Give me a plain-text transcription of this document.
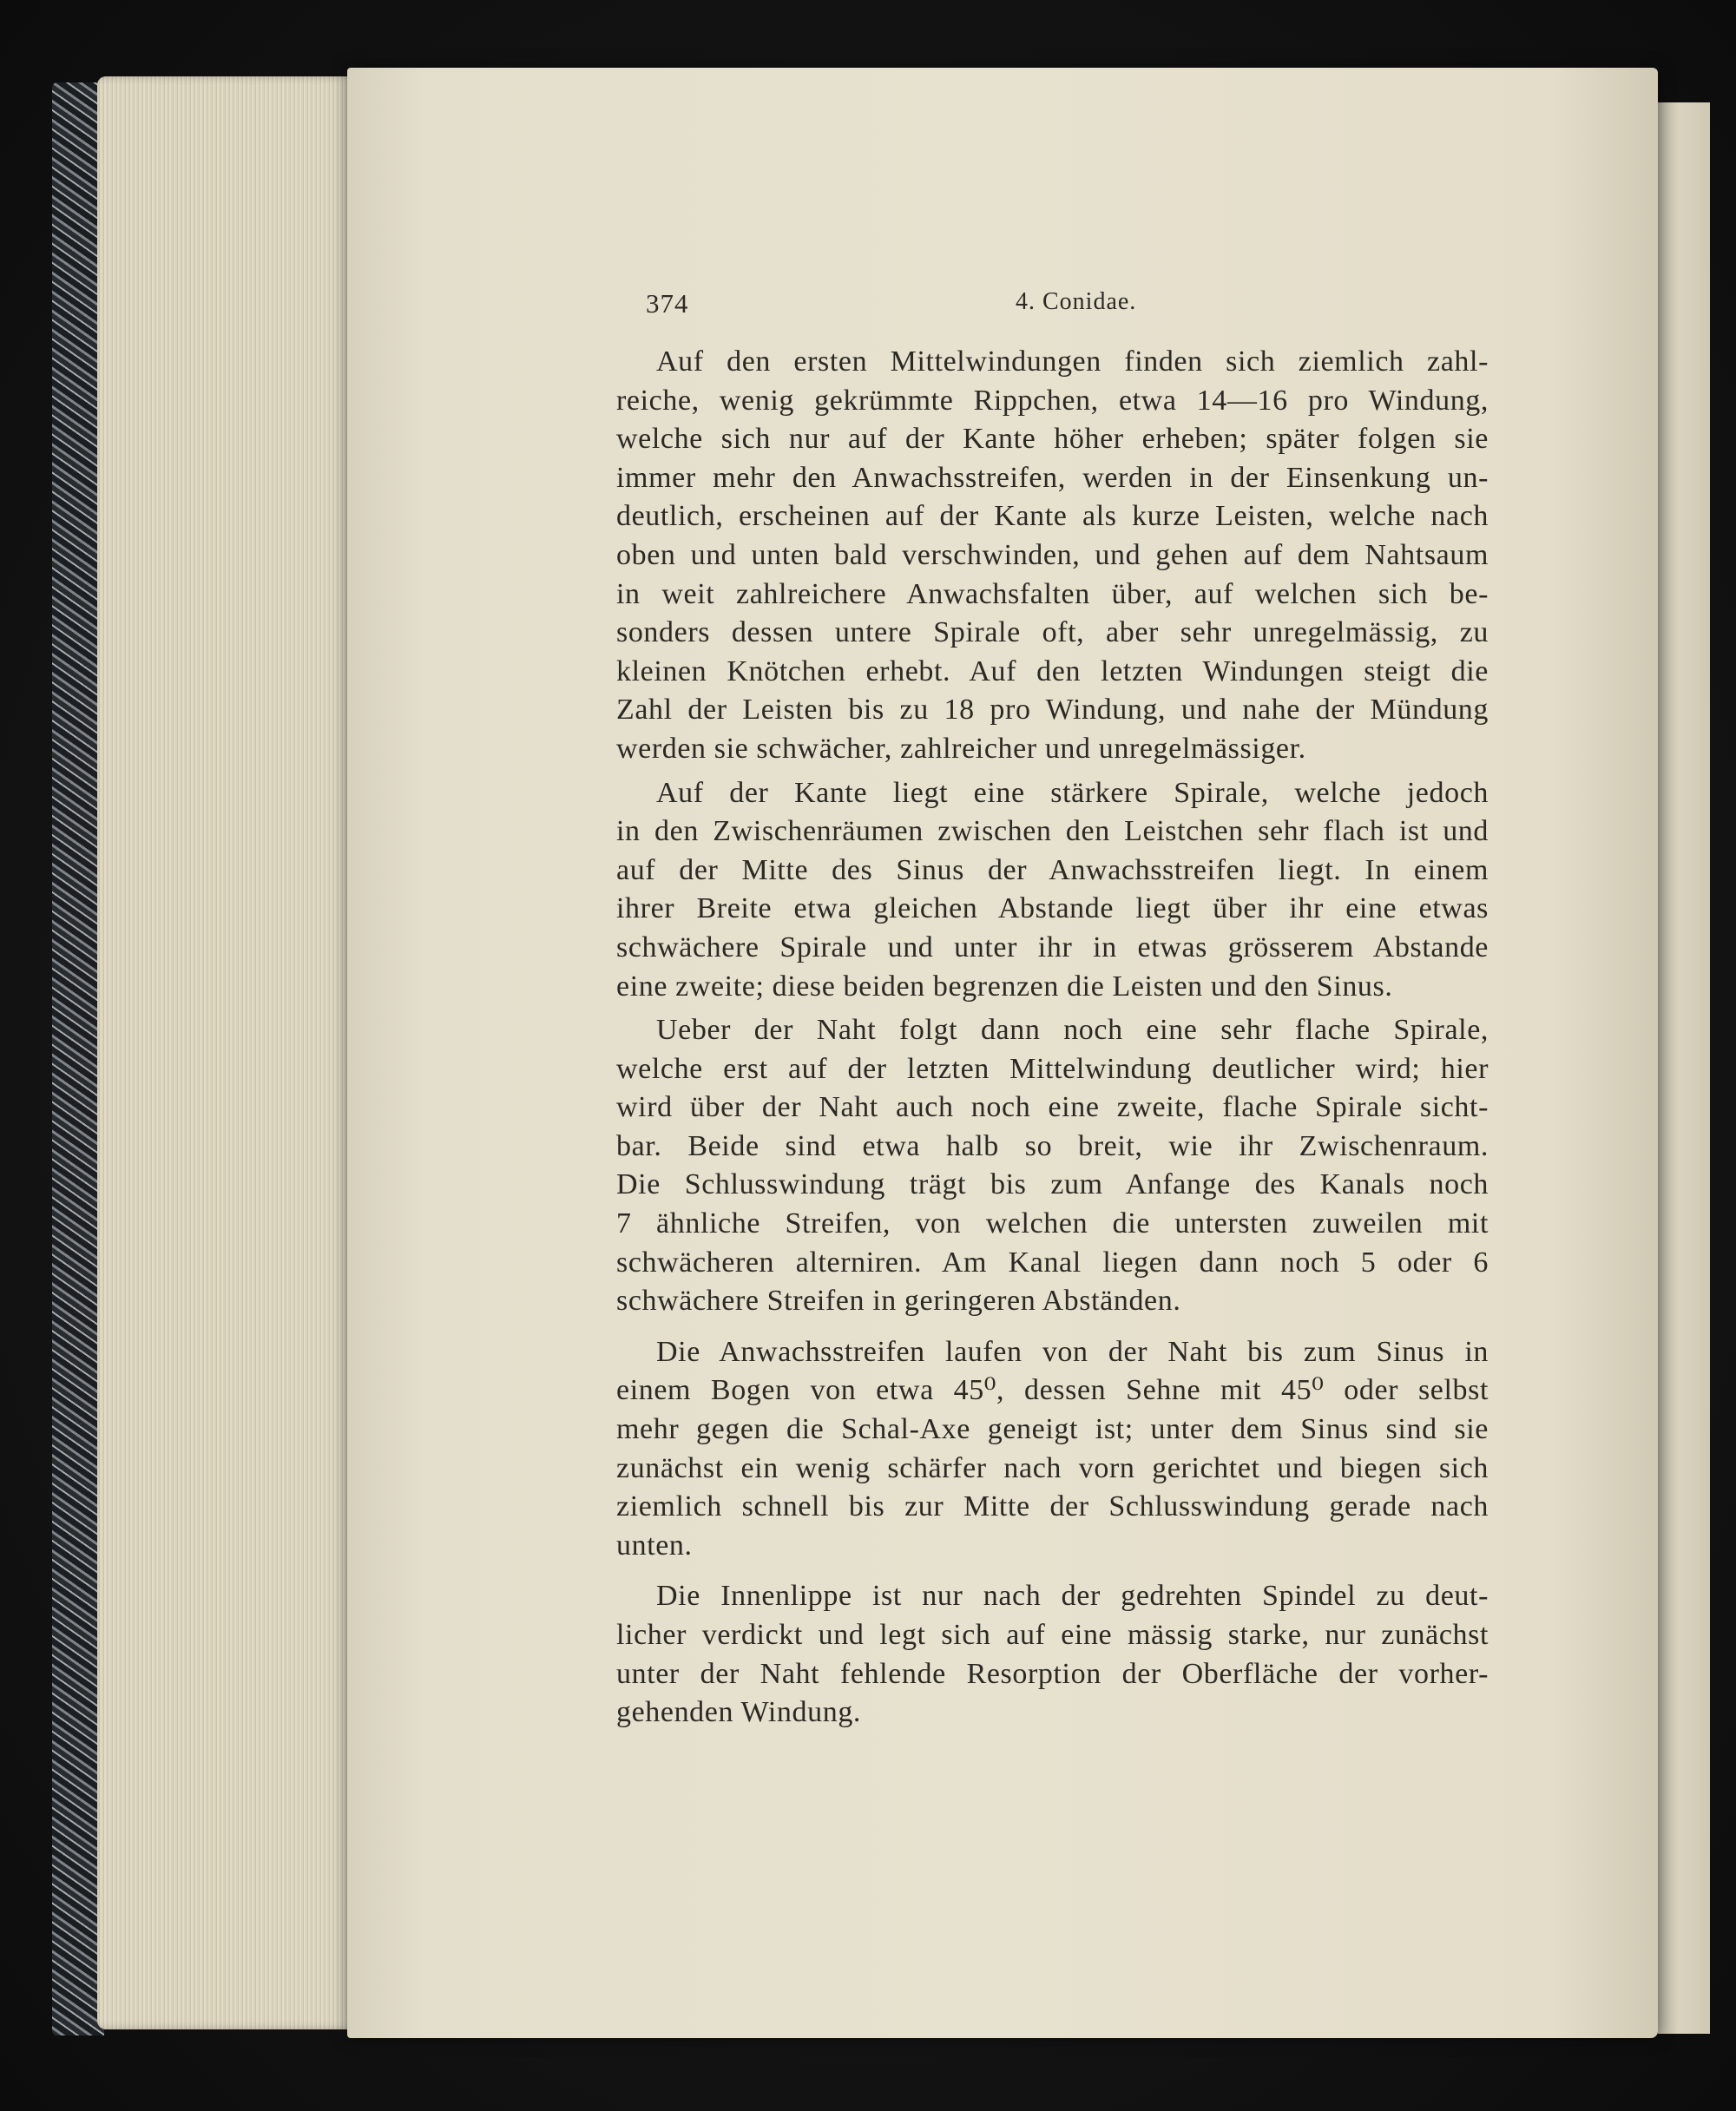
374	4. Conidae.
Auf den ersten Mittelwindungen finden sich ziemlich zahl-
reiche, wenig gekrümmte Rippchen, etwa 14—16 pro Windung,
welche sich nur auf der Kante höher erheben; später folgen sie
immer mehr den Anwachsstreifen, werden in der Einsenkung un-
deutlich, erscheinen auf der Kante als kurze Leisten, welche nach
oben und unten bald verschwinden, und gehen auf dem Nahtsaum
in weit zahlreichere Anwachsfalten über, auf welchen sich be-
sonders dessen untere Spirale oft, aber sehr unregelmässig, zu
kleinen Knötchen erhebt. Auf den letzten Windungen steigt die
Zahl der Leisten bis zu 18 pro Windung, und nahe der Mündung
werden sie schwächer, zahlreicher und unregelmässiger.
Auf der Kante liegt eine stärkere Spirale, welche jedoch
in den Zwischenräumen zwischen den Leistchen sehr flach ist und
auf der Mitte des Sinus der Anwachsstreifen liegt. In einem
ihrer Breite etwa gleichen Abstande liegt über ihr eine etwas
schwächere Spirale und unter ihr in etwas grösserem Abstande
eine zweite; diese beiden begrenzen die Leisten und den Sinus.
Ueber der Naht folgt dann noch eine sehr flache Spirale,
welche erst auf der letzten Mittelwindung deutlicher wird; hier
wird über der Naht auch noch eine zweite, flache Spirale sicht-
bar. Beide sind etwa halb so breit, wie ihr Zwischenraum.
Die Schlusswindung trägt bis zum Anfange des Kanals noch
7 ähnliche Streifen, von welchen die untersten zuweilen mit
schwächeren alterniren. Am Kanal liegen dann noch 5 oder 6
schwächere Streifen in geringeren Abständen.
Die Anwachsstreifen laufen von der Naht bis zum Sinus in
einem Bogen von etwa 45⁰, dessen Sehne mit 45⁰ oder selbst
mehr gegen die Schal-Axe geneigt ist; unter dem Sinus sind sie
zunächst ein wenig schärfer nach vorn gerichtet und biegen sich
ziemlich schnell bis zur Mitte der Schlusswindung gerade nach
unten.
Die Innenlippe ist nur nach der gedrehten Spindel zu deut-
licher verdickt und legt sich auf eine mässig starke, nur zunächst
unter der Naht fehlende Resorption der Oberfläche der vorher-
gehenden Windung.
